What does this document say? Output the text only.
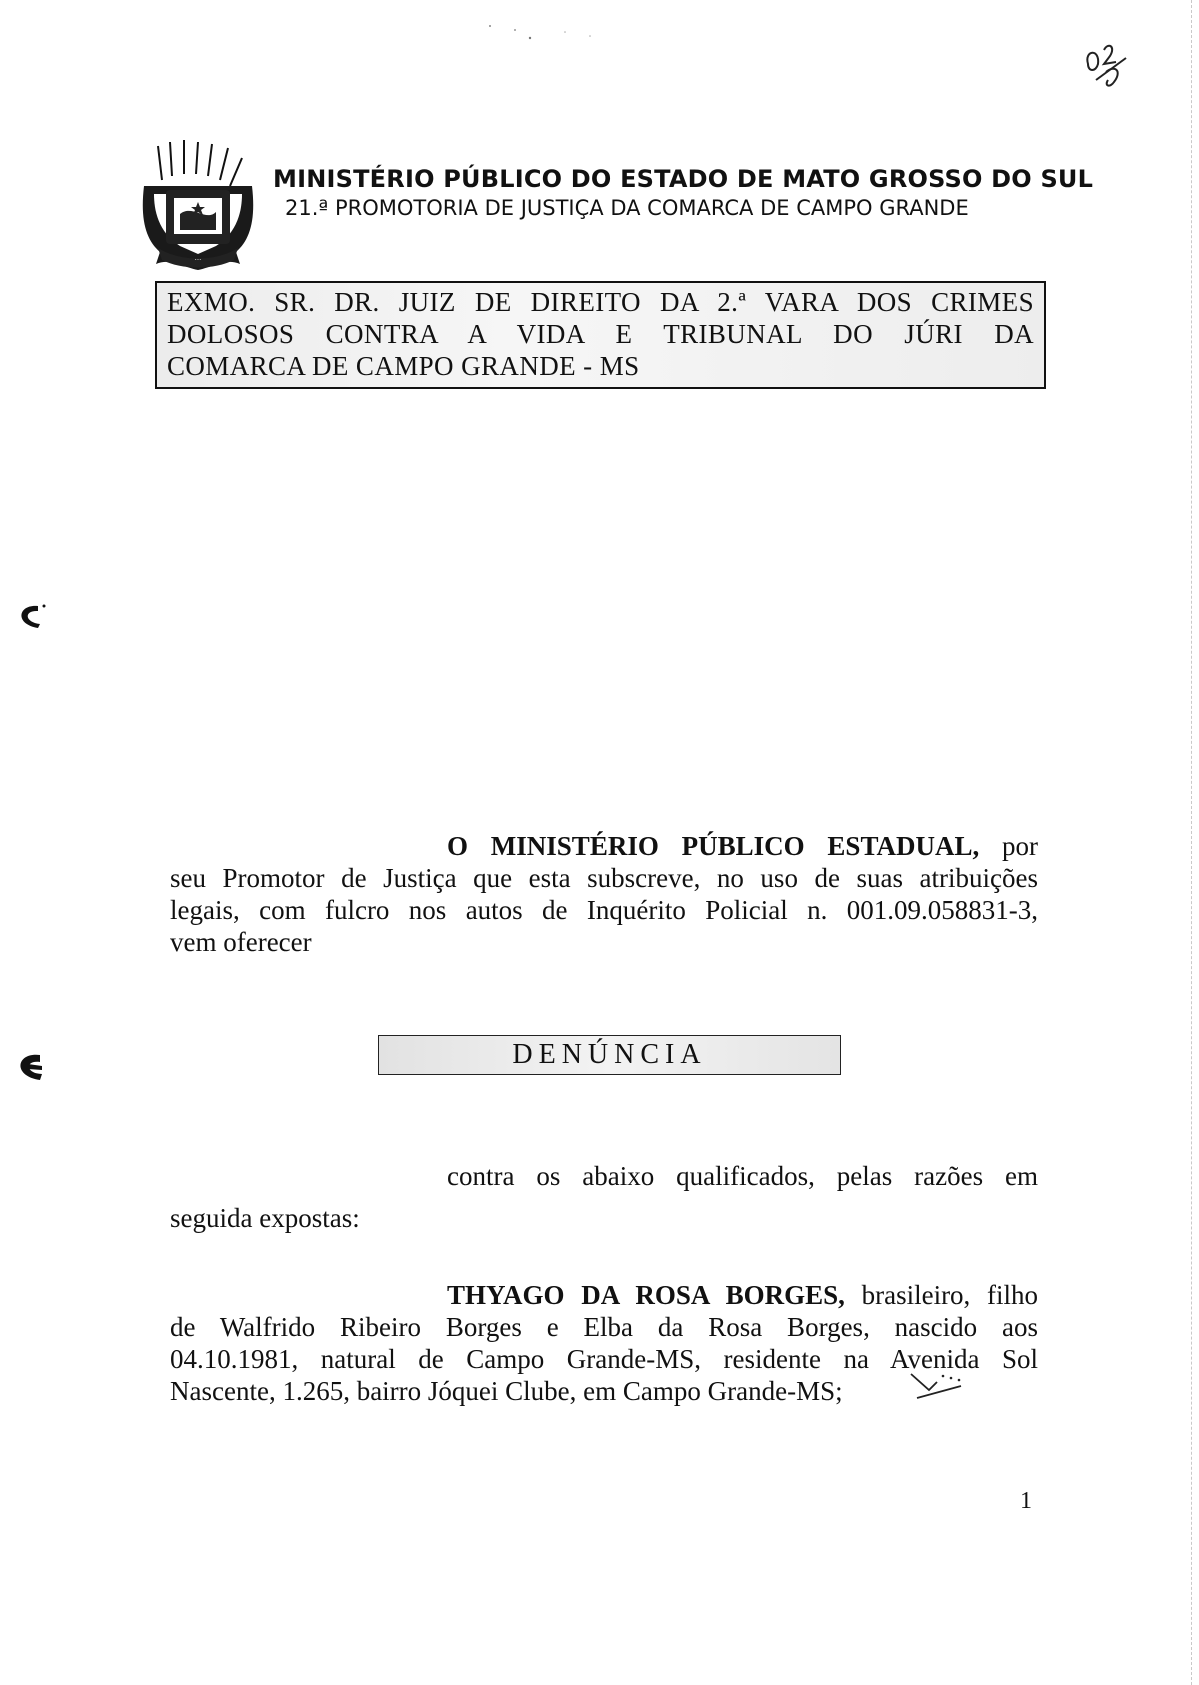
···
MINISTÉRIO PÚBLICO DO ESTADO DE MATO GROSSO DO SUL
21.ª PROMOTORIA DE JUSTIÇA DA COMARCA DE CAMPO GRANDE
EXMO. SR. DR. JUIZ DE DIREITO DA 2.ª VARA DOS CRIMES
DOLOSOS CONTRA A VIDA E TRIBUNAL DO JÚRI DA
COMARCA DE CAMPO GRANDE - MS
O MINISTÉRIO PÚBLICO ESTADUAL, por
seu Promotor de Justiça que esta subscreve, no uso de suas atribuições
legais, com fulcro nos autos de Inquérito Policial n. 001.09.058831-3,
vem oferecer
DENÚNCIA
contra os abaixo qualificados, pelas razões em
seguida expostas:
THYAGO DA ROSA BORGES, brasileiro, filho
de Walfrido Ribeiro Borges e Elba da Rosa Borges, nascido aos
04.10.1981, natural de Campo Grande-MS, residente na Avenida Sol
Nascente, 1.265, bairro Jóquei Clube, em Campo Grande-MS;
1
